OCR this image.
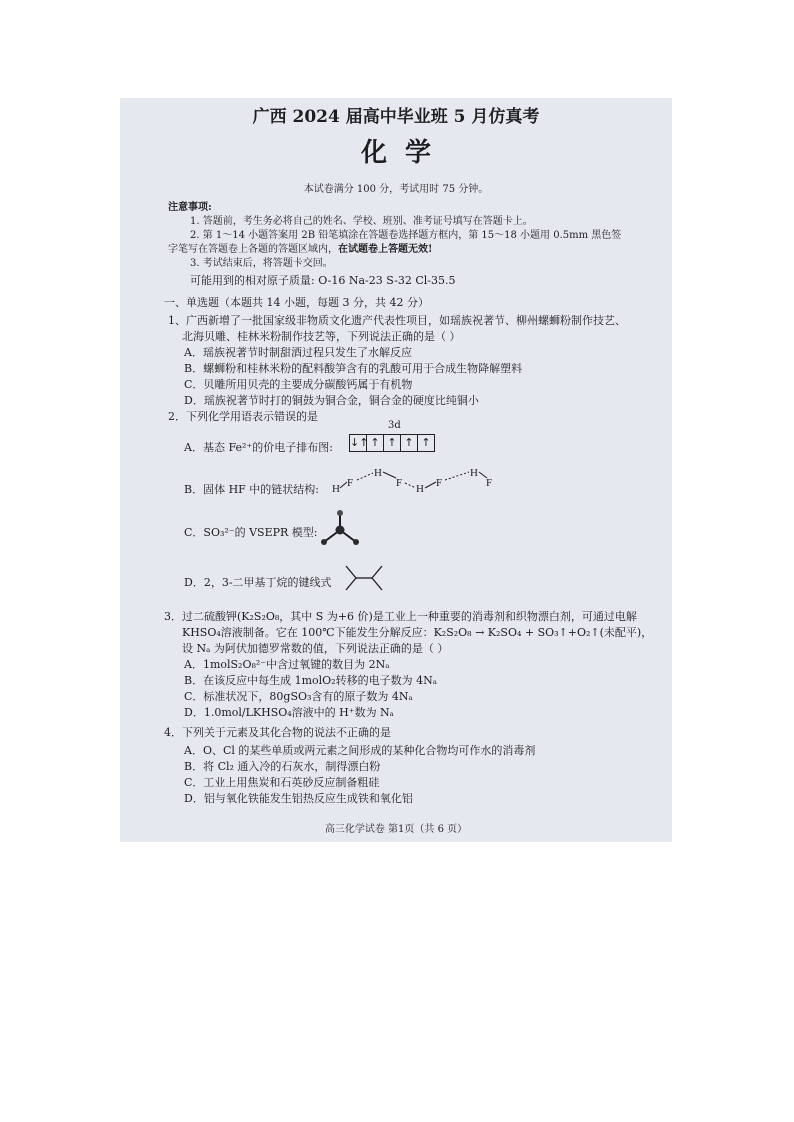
广西 2024 届高中毕业班 5 月仿真考
化学
本试卷满分 100 分，考试用时 75 分钟。
注意事项:
1. 答题前，考生务必将自己的姓名、学校、班别、准考证号填写在答题卡上。
2. 第 1～14 小题答案用 2B 铅笔填涂在答题卷选择题方框内，第 15～18 小题用 0.5mm 黑色签
字笔写在答题卷上各题的答题区域内，在试题卷上答题无效!
3. 考试结束后，将答题卡交回。
可能用到的相对原子质量: O-16 Na-23 S-32 Cl-35.5
一、单选题（本题共 14 小题，每题 3 分，共 42 分）
1、广西新增了一批国家级非物质文化遗产代表性项目，如瑶族祝著节、柳州螺蛳粉制作技艺、
北海贝雕、桂林米粉制作技艺等，下列说法正确的是（ ）
A．瑶族祝著节时制甜酒过程只发生了水解反应
B．螺蛳粉和桂林米粉的配料酸笋含有的乳酸可用于合成生物降解塑料
C．贝雕所用贝壳的主要成分碳酸钙属于有机物
D．瑶族祝著节时打的铜鼓为铜合金，铜合金的硬度比纯铜小
2．下列化学用语表示错误的是
3d
A．基态 Fe²⁺的价电子排布图: ↓↑ ↑ ↑ ↑ ↑
B．固体 HF 中的链状结构: H F
H
F H F
H
F
C．SO₃²⁻的 VSEPR 模型:
D．2，3-二甲基丁烷的键线式
3．过二硫酸钾(K₂S₂O₈，其中 S 为+6 价)是工业上一种重要的消毒剂和织物漂白剂，可通过电解
KHSO₄溶液制备。它在 100℃下能发生分解反应：K₂S₂O₈ → K₂SO₄ + SO₃↑+O₂↑(未配平)，
设 Nₐ 为阿伏加德罗常数的值，下列说法正确的是（ ）
A．1molS₂O₈²⁻中含过氧键的数目为 2Nₐ
B．在该反应中每生成 1molO₂转移的电子数为 4Nₐ
C．标准状况下，80gSO₃含有的原子数为 4Nₐ
D．1.0mol/LKHSO₄溶液中的 H⁺数为 Nₐ
4．下列关于元素及其化合物的说法不正确的是
A．O、Cl 的某些单质或两元素之间形成的某种化合物均可作水的消毒剂
B．将 Cl₂ 通入冷的石灰水，制得漂白粉
C．工业上用焦炭和石英砂反应制备粗硅
D．铝与氧化铁能发生铝热反应生成铁和氧化铝
高三化学试卷 第1页（共 6 页）
